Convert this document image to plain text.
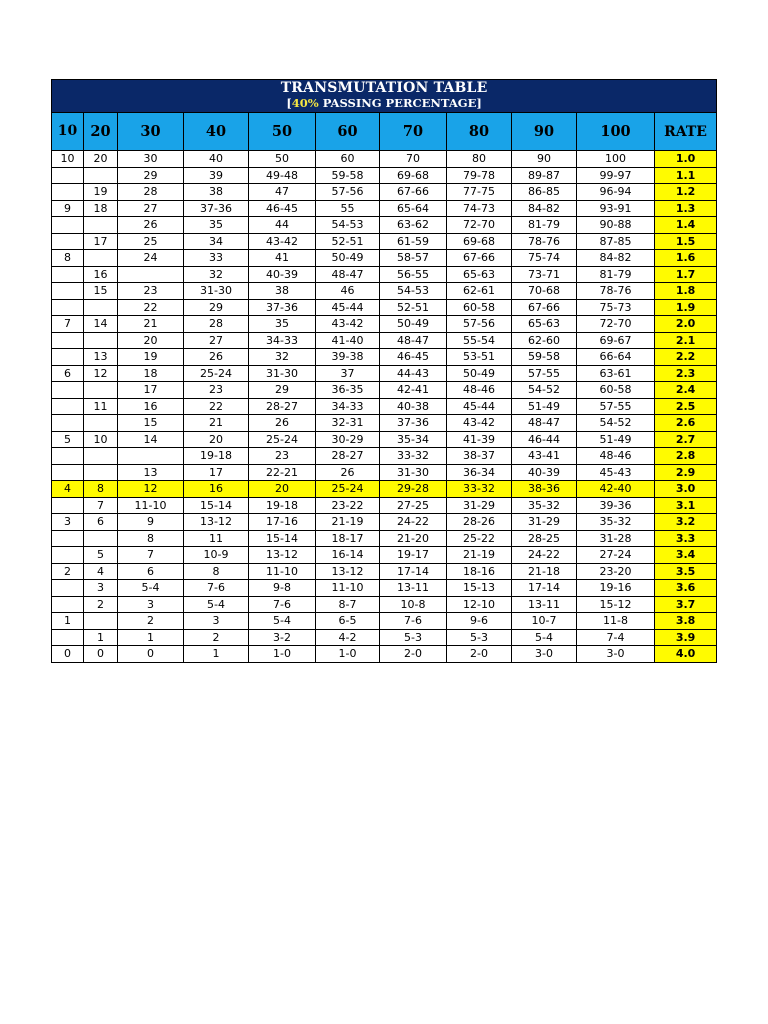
TRANSMUTATION TABLE
[40% PASSING PERCENTAGE]										

10	20	30	40	50	60	70	80	90	100	RATE
10	20	30	40	50	60	70	80	90	100	1.0
		29	39	49-48	59-58	69-68	79-78	89-87	99-97	1.1
	19	28	38	47	57-56	67-66	77-75	86-85	96-94	1.2
9	18	27	37-36	46-45	55	65-64	74-73	84-82	93-91	1.3
		26	35	44	54-53	63-62	72-70	81-79	90-88	1.4
	17	25	34	43-42	52-51	61-59	69-68	78-76	87-85	1.5
8		24	33	41	50-49	58-57	67-66	75-74	84-82	1.6
	16		32	40-39	48-47	56-55	65-63	73-71	81-79	1.7
	15	23	31-30	38	46	54-53	62-61	70-68	78-76	1.8
		22	29	37-36	45-44	52-51	60-58	67-66	75-73	1.9
7	14	21	28	35	43-42	50-49	57-56	65-63	72-70	2.0
		20	27	34-33	41-40	48-47	55-54	62-60	69-67	2.1
	13	19	26	32	39-38	46-45	53-51	59-58	66-64	2.2
6	12	18	25-24	31-30	37	44-43	50-49	57-55	63-61	2.3
		17	23	29	36-35	42-41	48-46	54-52	60-58	2.4
	11	16	22	28-27	34-33	40-38	45-44	51-49	57-55	2.5
		15	21	26	32-31	37-36	43-42	48-47	54-52	2.6
5	10	14	20	25-24	30-29	35-34	41-39	46-44	51-49	2.7
			19-18	23	28-27	33-32	38-37	43-41	48-46	2.8
		13	17	22-21	26	31-30	36-34	40-39	45-43	2.9
4	8	12	16	20	25-24	29-28	33-32	38-36	42-40	3.0
	7	11-10	15-14	19-18	23-22	27-25	31-29	35-32	39-36	3.1
3	6	9	13-12	17-16	21-19	24-22	28-26	31-29	35-32	3.2
		8	11	15-14	18-17	21-20	25-22	28-25	31-28	3.3
	5	7	10-9	13-12	16-14	19-17	21-19	24-22	27-24	3.4
2	4	6	8	11-10	13-12	17-14	18-16	21-18	23-20	3.5
	3	5-4	7-6	9-8	11-10	13-11	15-13	17-14	19-16	3.6
	2	3	5-4	7-6	8-7	10-8	12-10	13-11	15-12	3.7
1		2	3	5-4	6-5	7-6	9-6	10-7	11-8	3.8
	1	1	2	3-2	4-2	5-3	5-3	5-4	7-4	3.9
0	0	0	1	1-0	1-0	2-0	2-0	3-0	3-0	4.0
